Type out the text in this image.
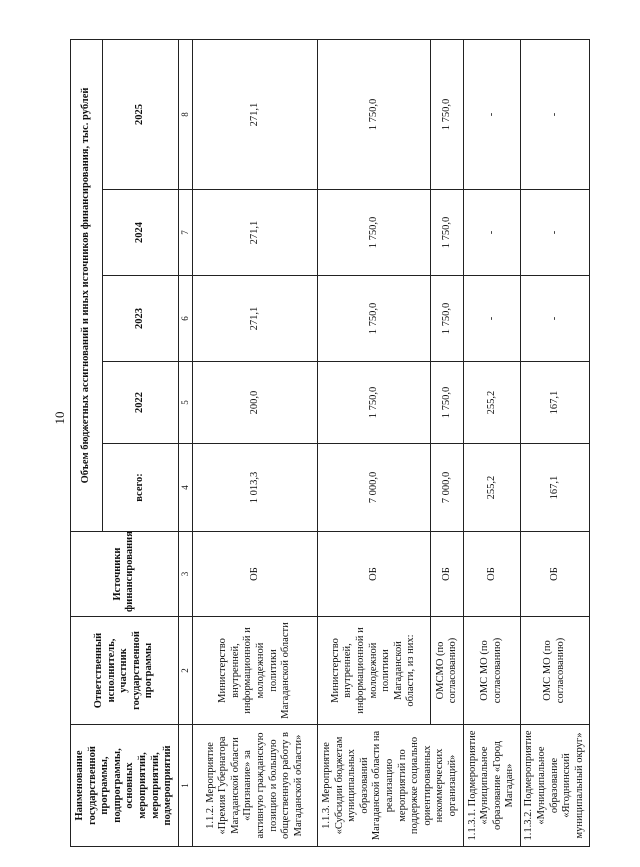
10
Наименование государственной программы, подпрограммы, основных мероприятий, мероприятий, подмероприятий	Ответственный исполнитель, участник государственной программы	Источники финансирования	Объем бюджетных ассигнований и иных источников финансирования, тыс. рублей				
			всего:	2022	2023	2024	2025
1	2	3	4	5	6	7	8
1.1.2. Мероприятие «Премия Губернатора Магаданской области «Признание» за активную гражданскую позицию и большую общественную работу в Магаданской области»	Министерство внутренней, информационной и молодежной политики Магаданской области	ОБ	1 013,3	200,0	271,1	271,1	271,1
1.1.3. Мероприятие «Субсидии бюджетам муниципальных образований Магаданской области на реализацию мероприятий по поддержке социально ориентированных некоммерческих организаций»	Министерство внутренней, информационной и молодежной политики Магаданской области, из них:	ОБ	7 000,0	1 750,0	1 750,0	1 750,0	1 750,0
	ОМСМО (по согласованию)	ОБ	7 000,0	1 750,0	1 750,0	1 750,0	1 750,0
1.1.3.1. Подмероприятие «Муниципальное образование «Город Магадан»	ОМС МО (по согласованию)	ОБ	255,2	255,2	-	-	-
1.1.3.2. Подмероприятие «Муниципальное образование «Ягоднинский муниципальный округ»	ОМС МО (по согласованию)	ОБ	167,1	167,1	-	-	-
